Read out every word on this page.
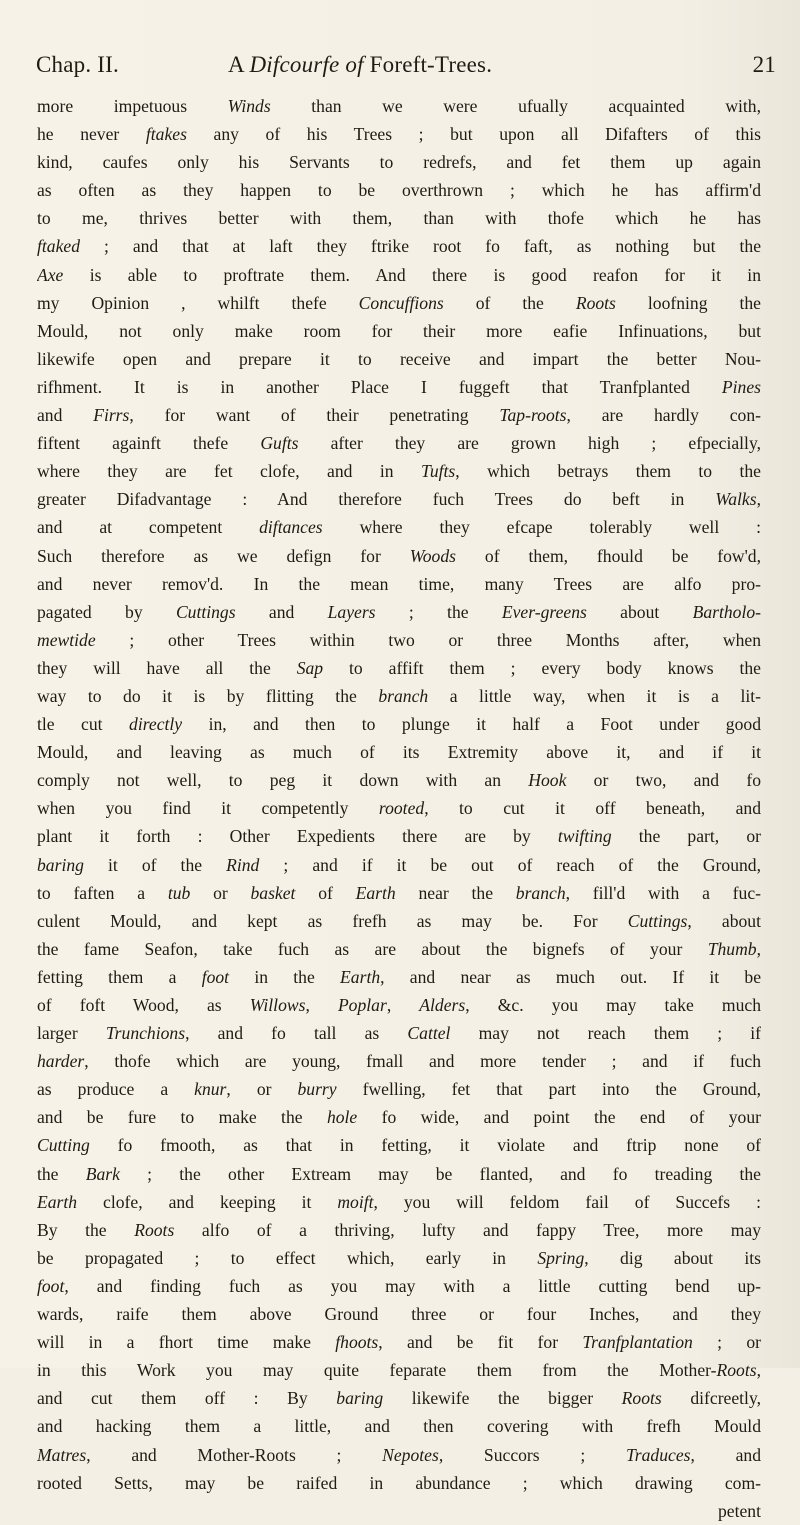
Chap. II.	A Difcourfe of Foreft-Trees.	21
more impetuous Winds than we were ufually acquainted with,
he never ftakes any of his Trees ; but upon all Difafters of this
kind, caufes only his Servants to redrefs, and fet them up again
as often as they happen to be overthrown ; which he has affirm'd
to me, thrives better with them, than with thofe which he has
ftaked ; and that at laft they ftrike root fo faft, as nothing but the
Axe is able to proftrate them. And there is good reafon for it in
my Opinion , whilft thefe Concuffions of the Roots loofning the
Mould, not only make room for their more eafie Infinuations, but
likewife open and prepare it to receive and impart the better Nou-
rifhment. It is in another Place I fuggeft that Tranfplanted Pines
and Firrs, for want of their penetrating Tap-roots, are hardly con-
fiftent againft thefe Gufts after they are grown high ; efpecially,
where they are fet clofe, and in Tufts, which betrays them to the
greater Difadvantage : And therefore fuch Trees do beft in Walks,
and at competent diftances where they efcape tolerably well :
Such therefore as we defign for Woods of them, fhould be fow'd,
and never remov'd. In the mean time, many Trees are alfo pro-
pagated by Cuttings and Layers ; the Ever-greens about Bartholo-
mewtide ; other Trees within two or three Months after, when
they will have all the Sap to affift them ; every body knows the
way to do it is by flitting the branch a little way, when it is a lit-
tle cut directly in, and then to plunge it half a Foot under good
Mould, and leaving as much of its Extremity above it, and if it
comply not well, to peg it down with an Hook or two, and fo
when you find it competently rooted, to cut it off beneath, and
plant it forth : Other Expedients there are by twifting the part, or
baring it of the Rind ; and if it be out of reach of the Ground,
to faften a tub or basket of Earth near the branch, fill'd with a fuc-
culent Mould, and kept as frefh as may be. For Cuttings, about
the fame Seafon, take fuch as are about the bignefs of your Thumb,
fetting them a foot in the Earth, and near as much out. If it be
of foft Wood, as Willows, Poplar, Alders, &c. you may take much
larger Trunchions, and fo tall as Cattel may not reach them ; if
harder, thofe which are young, fmall and more tender ; and if fuch
as produce a knur, or burry fwelling, fet that part into the Ground,
and be fure to make the hole fo wide, and point the end of your
Cutting fo fmooth, as that in fetting, it violate and ftrip none of
the Bark ; the other Extream may be flanted, and fo treading the
Earth clofe, and keeping it moift, you will feldom fail of Succefs :
By the Roots alfo of a thriving, lufty and fappy Tree, more may
be propagated ; to effect which, early in Spring, dig about its
foot, and finding fuch as you may with a little cutting bend up-
wards, raife them above Ground three or four Inches, and they
will in a fhort time make fhoots, and be fit for Tranfplantation ; or
in this Work you may quite feparate them from the Mother-Roots,
and cut them off : By baring likewife the bigger Roots difcreetly,
and hacking them a little, and then covering with frefh Mould
Matres, and Mother-Roots ; Nepotes, Succors ; Traduces, and
rooted Setts, may be raifed in abundance ; which drawing com-
petent
